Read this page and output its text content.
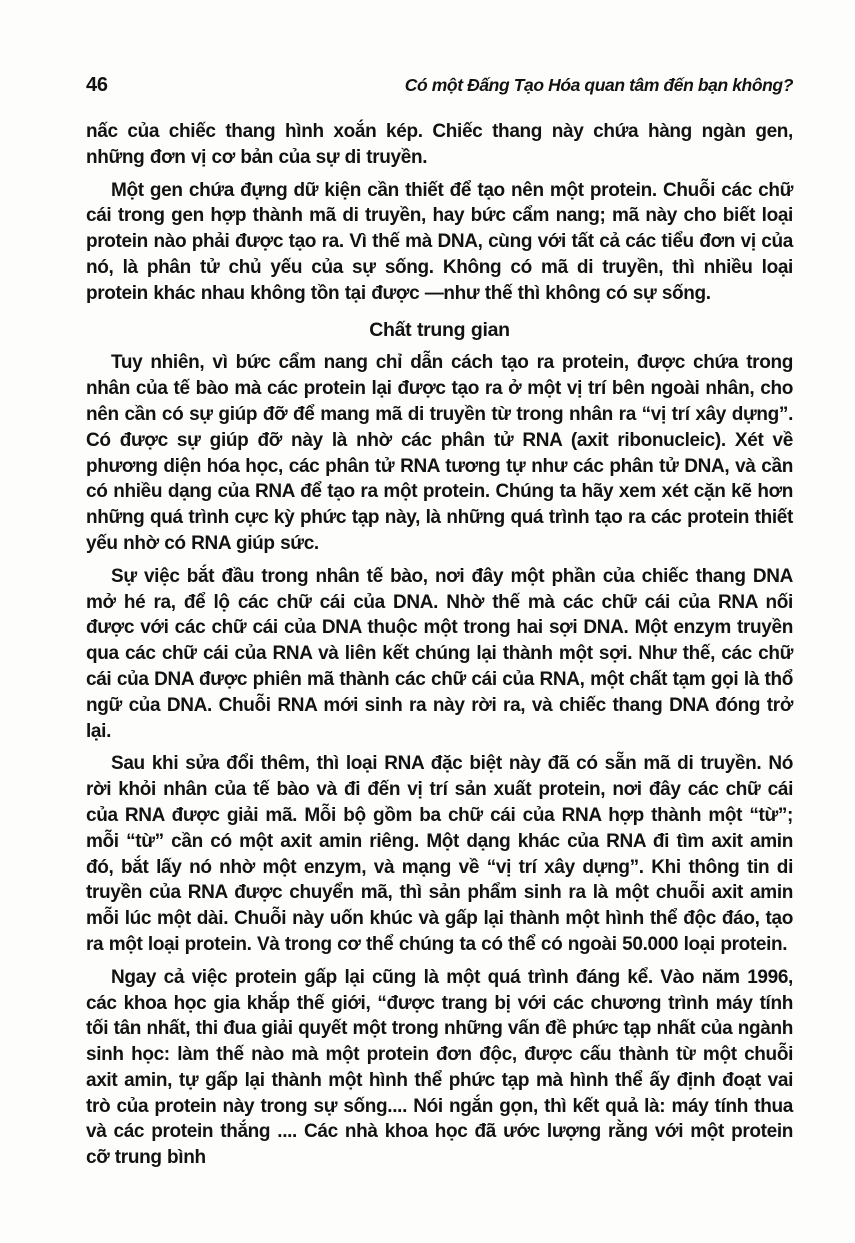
46	Có một Đấng Tạo Hóa quan tâm đến bạn không?

nấc của chiếc thang hình xoắn kép. Chiếc thang này chứa hàng ngàn gen, những đơn vị cơ bản của sự di truyền.

Một gen chứa đựng dữ kiện cần thiết để tạo nên một protein. Chuỗi các chữ cái trong gen hợp thành mã di truyền, hay bức cẩm nang; mã này cho biết loại protein nào phải được tạo ra. Vì thế mà DNA, cùng với tất cả các tiểu đơn vị của nó, là phân tử chủ yếu của sự sống. Không có mã di truyền, thì nhiều loại protein khác nhau không tồn tại được —như thế thì không có sự sống.

Chất trung gian

Tuy nhiên, vì bức cẩm nang chỉ dẫn cách tạo ra protein, được chứa trong nhân của tế bào mà các protein lại được tạo ra ở một vị trí bên ngoài nhân, cho nên cần có sự giúp đỡ để mang mã di truyền từ trong nhân ra “vị trí xây dựng”. Có được sự giúp đỡ này là nhờ các phân tử RNA (axit ribonucleic). Xét về phương diện hóa học, các phân tử RNA tương tự như các phân tử DNA, và cần có nhiều dạng của RNA để tạo ra một protein. Chúng ta hãy xem xét cặn kẽ hơn những quá trình cực kỳ phức tạp này, là những quá trình tạo ra các protein thiết yếu nhờ có RNA giúp sức.

Sự việc bắt đầu trong nhân tế bào, nơi đây một phần của chiếc thang DNA mở hé ra, để lộ các chữ cái của DNA. Nhờ thế mà các chữ cái của RNA nối được với các chữ cái của DNA thuộc một trong hai sợi DNA. Một enzym truyền qua các chữ cái của RNA và liên kết chúng lại thành một sợi. Như thế, các chữ cái của DNA được phiên mã thành các chữ cái của RNA, một chất tạm gọi là thổ ngữ của DNA. Chuỗi RNA mới sinh ra này rời ra, và chiếc thang DNA đóng trở lại.

Sau khi sửa đổi thêm, thì loại RNA đặc biệt này đã có sẵn mã di truyền. Nó rời khỏi nhân của tế bào và đi đến vị trí sản xuất protein, nơi đây các chữ cái của RNA được giải mã. Mỗi bộ gồm ba chữ cái của RNA hợp thành một “từ”; mỗi “từ” cần có một axit amin riêng. Một dạng khác của RNA đi tìm axit amin đó, bắt lấy nó nhờ một enzym, và mạng về “vị trí xây dựng”. Khi thông tin di truyền của RNA được chuyển mã, thì sản phẩm sinh ra là một chuỗi axit amin mỗi lúc một dài. Chuỗi này uốn khúc và gấp lại thành một hình thể độc đáo, tạo ra một loại protein. Và trong cơ thể chúng ta có thể có ngoài 50.000 loại protein.

Ngay cả việc protein gấp lại cũng là một quá trình đáng kể. Vào năm 1996, các khoa học gia khắp thế giới, “được trang bị với các chương trình máy tính tối tân nhất, thi đua giải quyết một trong những vấn đề phức tạp nhất của ngành sinh học: làm thế nào mà một protein đơn độc, được cấu thành từ một chuỗi axit amin, tự gấp lại thành một hình thể phức tạp mà hình thể ấy định đoạt vai trò của protein này trong sự sống.... Nói ngắn gọn, thì kết quả là: máy tính thua và các protein thắng .... Các nhà khoa học đã ước lượng rằng với một protein cỡ trung bình
